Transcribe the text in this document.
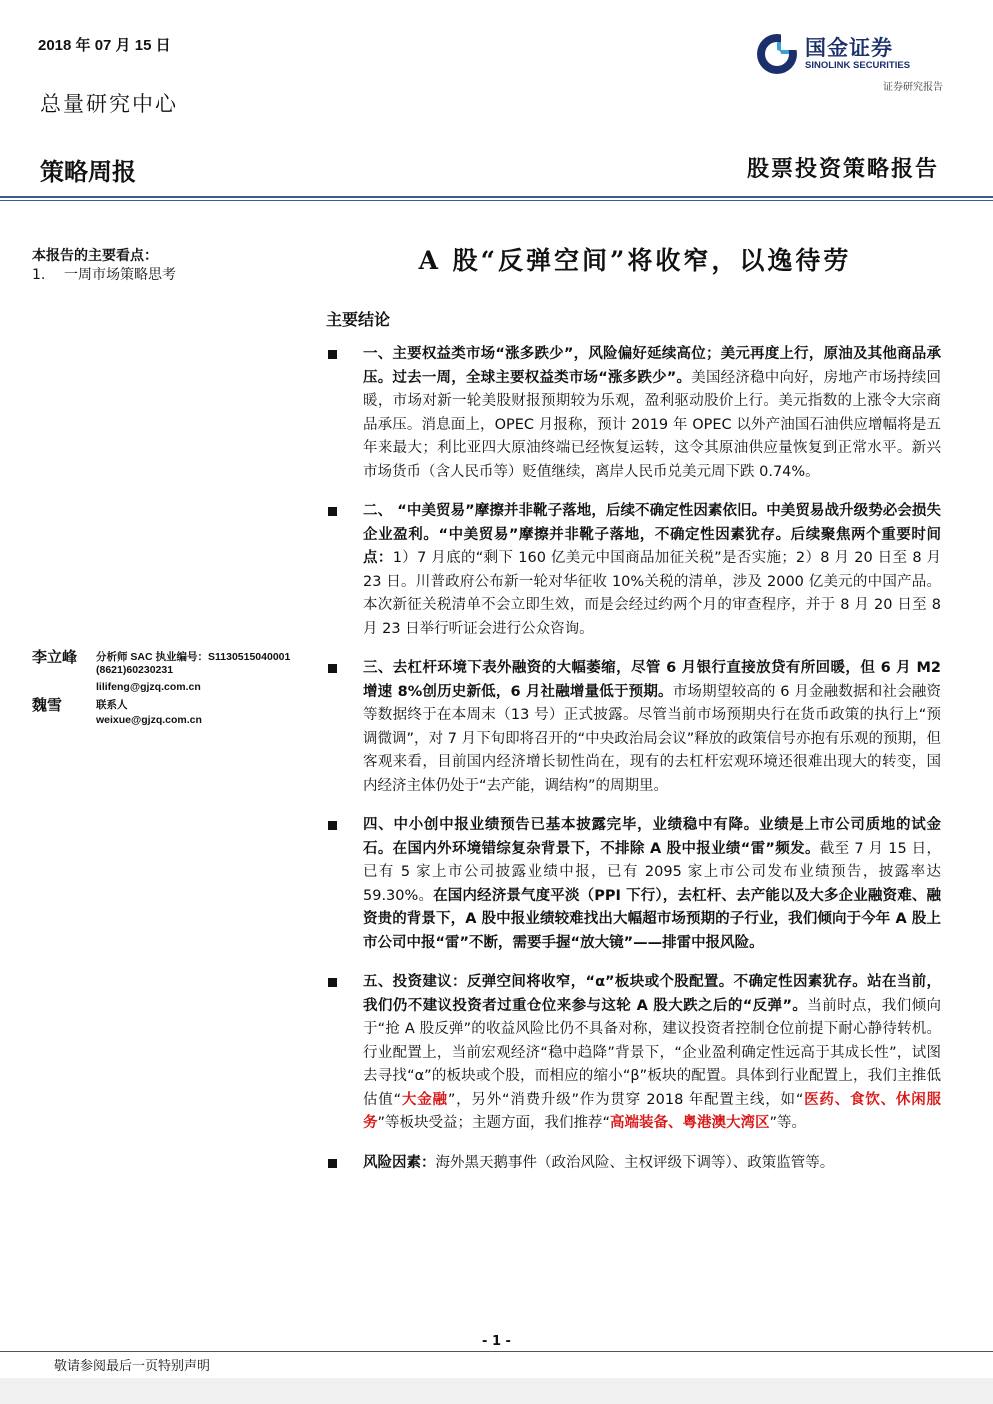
2018 年 07 月 15 日	国金证券
SINOLINK SECURITIES
证券研究报告
总量研究中心
策略周报	股票投资策略报告
本报告的主要看点：
1. 一周市场策略思考
李立峰 分析师 SAC 执业编号：S1130515040001
(8621)60230231
lilifeng@gjzq.com.cn
魏雪	联系人
weixue@gjzq.com.cn
A 股“反弹空间”将收窄，以逸待劳
主要结论
一、主要权益类市场“涨多跌少”，风险偏好延续高位；美元再度上行，原油及其他商品承压。过去一周，全球主要权益类市场“涨多跌少”。美国经济稳中向好，房地产市场持续回暖，市场对新一轮美股财报预期较为乐观，盈利驱动股价上行。美元指数的上涨令大宗商品承压。消息面上，OPEC 月报称，预计 2019 年 OPEC 以外产油国石油供应增幅将是五年来最大；利比亚四大原油终端已经恢复运转，这令其原油供应量恢复到正常水平。新兴市场货币（含人民币等）贬值继续，离岸人民币兑美元周下跌 0.74%。
二、 “中美贸易”摩擦并非靴子落地，后续不确定性因素依旧。中美贸易战升级势必会损失企业盈利。“中美贸易”摩擦并非靴子落地，不确定性因素犹存。后续聚焦两个重要时间点：1）7 月底的“剩下 160 亿美元中国商品加征关税”是否实施；2）8 月 20 日至 8 月 23 日。川普政府公布新一轮对华征收 10%关税的清单，涉及 2000 亿美元的中国产品。本次新征关税清单不会立即生效，而是会经过约两个月的审查程序，并于 8 月 20 日至 8 月 23 日举行听证会进行公众咨询。
三、去杠杆环境下表外融资的大幅萎缩，尽管 6 月银行直接放贷有所回暖，但 6 月 M2 增速 8%创历史新低，6 月社融增量低于预期。市场期望较高的 6 月金融数据和社会融资等数据终于在本周末（13 号）正式披露。尽管当前市场预期央行在货币政策的执行上“预调微调”，对 7 月下旬即将召开的“中央政治局会议”释放的政策信号亦抱有乐观的预期，但客观来看，目前国内经济增长韧性尚在，现有的去杠杆宏观环境还很难出现大的转变，国内经济主体仍处于“去产能，调结构”的周期里。
四、中小创中报业绩预告已基本披露完毕，业绩稳中有降。业绩是上市公司质地的试金石。在国内外环境错综复杂背景下，不排除 A 股中报业绩“雷”频发。截至 7 月 15 日，已有 5 家上市公司披露业绩中报，已有 2095 家上市公司发布业绩预告，披露率达 59.30%。在国内经济景气度平淡（PPI 下行），去杠杆、去产能以及大多企业融资难、融资贵的背景下，A 股中报业绩较难找出大幅超市场预期的子行业，我们倾向于今年 A 股上市公司中报“雷”不断，需要手握“放大镜”——排雷中报风险。
五、投资建议：反弹空间将收窄，“α”板块或个股配置。不确定性因素犹存。站在当前，我们仍不建议投资者过重仓位来参与这轮 A 股大跌之后的“反弹”。当前时点，我们倾向于“抢 A 股反弹”的收益风险比仍不具备对称，建议投资者控制仓位前提下耐心静待转机。行业配置上，当前宏观经济“稳中趋降”背景下，“企业盈利确定性远高于其成长性”，试图去寻找“α”的板块或个股，而相应的缩小“β”板块的配置。具体到行业配置上，我们主推低估值“大金融”，另外“消费升级”作为贯穿 2018 年配置主线，如“医药、食饮、休闲服务”等板块受益；主题方面，我们推荐“高端装备、粤港澳大湾区”等。
风险因素：海外黑天鹅事件（政治风险、主权评级下调等）、政策监管等。
- 1 -
敬请参阅最后一页特别声明
